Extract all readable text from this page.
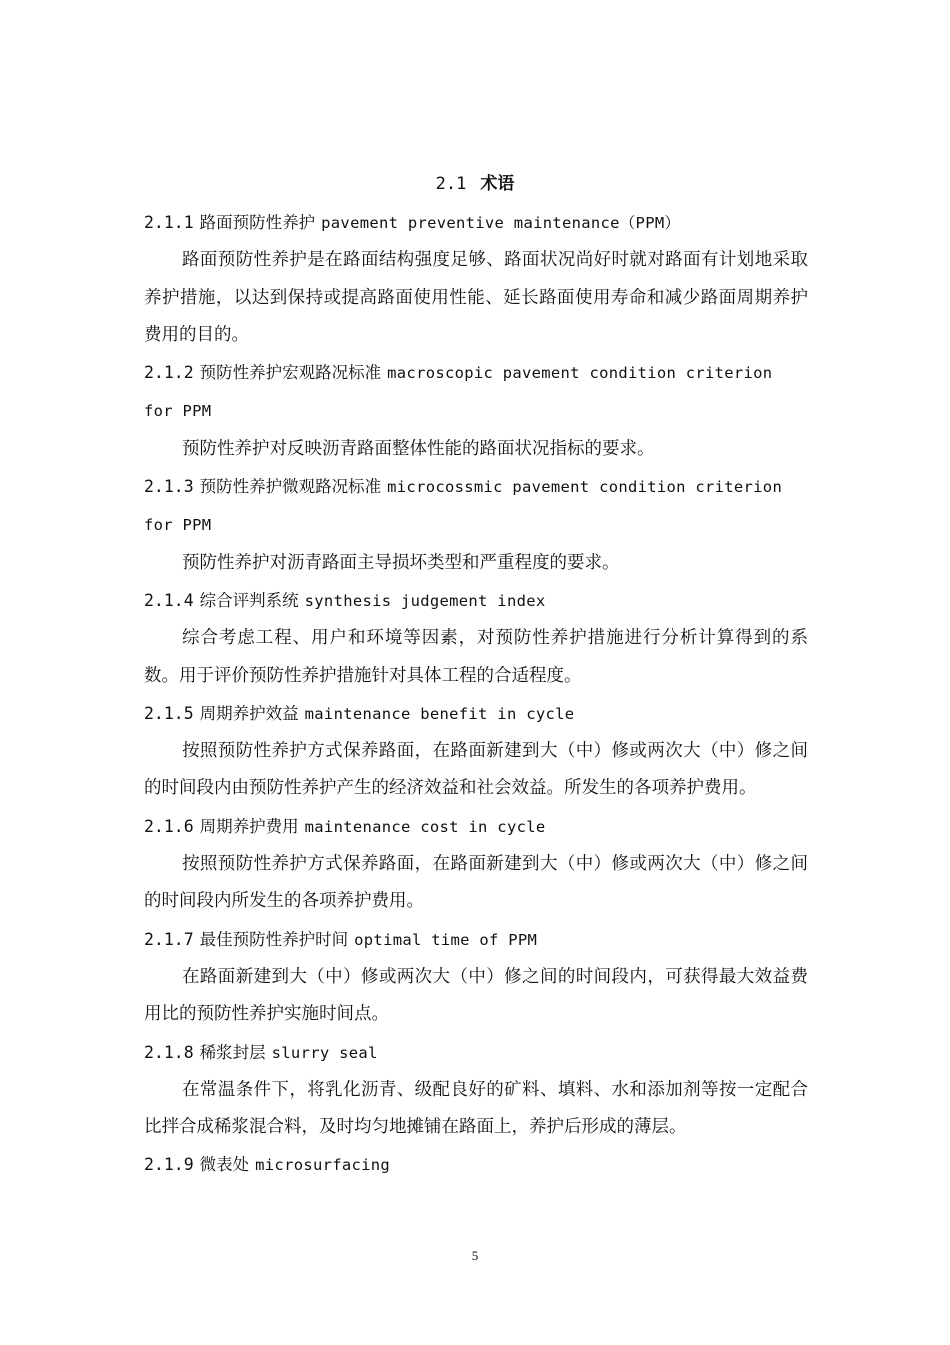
2.1 术语

2.1.1 路面预防性养护 pavement preventive maintenance（PPM）

路面预防性养护是在路面结构强度足够、路面状况尚好时就对路面有计划地采取养护措施，以达到保持或提高路面使用性能、延长路面使用寿命和减少路面周期养护费用的目的。

2.1.2 预防性养护宏观路况标准 macroscopic pavement condition criterion for PPM

预防性养护对反映沥青路面整体性能的路面状况指标的要求。

2.1.3 预防性养护微观路况标准 microcossmic pavement condition criterion for PPM

预防性养护对沥青路面主导损坏类型和严重程度的要求。

2.1.4 综合评判系统 synthesis judgement index

综合考虑工程、用户和环境等因素，对预防性养护措施进行分析计算得到的系数。用于评价预防性养护措施针对具体工程的合适程度。

2.1.5 周期养护效益 maintenance benefit in cycle

按照预防性养护方式保养路面，在路面新建到大（中）修或两次大（中）修之间的时间段内由预防性养护产生的经济效益和社会效益。所发生的各项养护费用。

2.1.6 周期养护费用 maintenance cost in cycle

按照预防性养护方式保养路面，在路面新建到大（中）修或两次大（中）修之间的时间段内所发生的各项养护费用。

2.1.7 最佳预防性养护时间 optimal time of PPM

在路面新建到大（中）修或两次大（中）修之间的时间段内，可获得最大效益费用比的预防性养护实施时间点。

2.1.8 稀浆封层 slurry seal

在常温条件下，将乳化沥青、级配良好的矿料、填料、水和添加剂等按一定配合比拌合成稀浆混合料，及时均匀地摊铺在路面上，养护后形成的薄层。

2.1.9 微表处 microsurfacing

5
